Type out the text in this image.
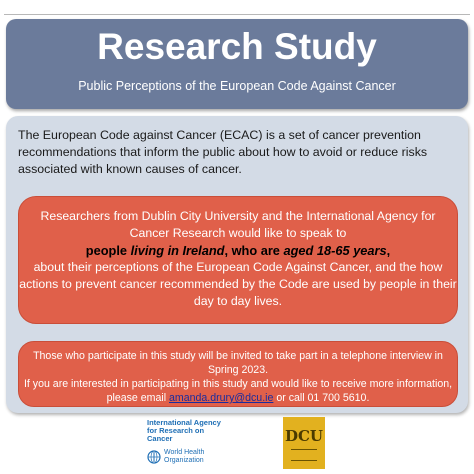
Research Study
Public Perceptions of the European Code Against Cancer
The European Code against Cancer (ECAC) is a set of cancer prevention recommendations that inform the public about how to avoid or reduce risks associated with known causes of cancer.
Researchers from Dublin City University and the International Agency for Cancer Research would like to speak to
people living in Ireland, who are aged 18-65 years,
about their perceptions of the European Code Against Cancer, and the how actions to prevent cancer recommended by the Code are used by people in their day to day lives.
Those who participate in this study will be invited to take part in a telephone interview in Spring 2023.
If you are interested in participating in this study and would like to receive more information, please email amanda.drury@dcu.ie or call 01 700 5610.
International Agency
for Research on Cancer
World Health
Organization
DCU
